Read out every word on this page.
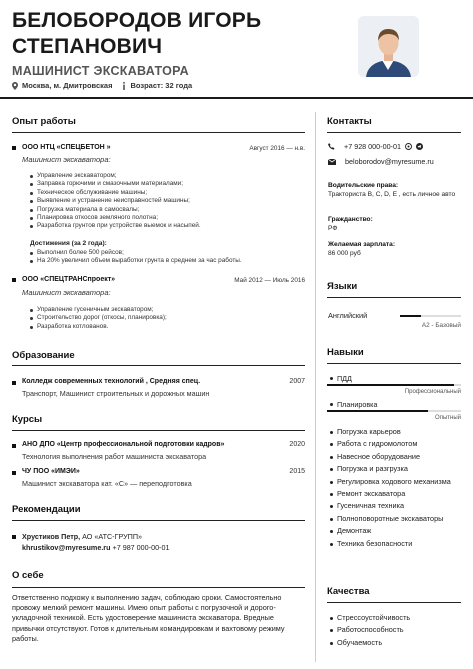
БЕЛОБОРОДОВ ИГОРЬ СТЕПАНОВИЧ
МАШИНИСТ ЭКСКАВАТОРА
Москва, м. Дмитровская Возраст: 32 года
Опыт работы
ООО НТЦ «СПЕЦБЕТОН »	Август 2016 — н.в.
Машинист экскаватора:
Управление экскаватором;
Заправка горючими и смазочными материалами;
Техническое обслуживание машины;
Выявление и устранение неисправностей машины;
Погрузка материала в самосвалы;
Планировка откосов земляного полотна;
Разработка грунтов при устройстве выемок и насыпей.
Достижения (за 2 года):
Выполнил более 500 рейсов;
На 20% увеличил объем выработки грунта в среднем за час работы.
ООО «СПЕЦТРАНСпроект»	Май 2012 — Июль 2016
Машинист экскаватора:
Управление гусеничным экскаватором;
Строительство дорог (откосы, планировка);
Разработка котлованов.
Образование
Колледж современных технологий , Средняя спец.	2007
Транспорт, Машинист строительных и дорожных машин
Курсы
АНО ДПО «Центр профессиональной подготовки кадров»	2020
Технология выполнения работ машиниста экскаватора
ЧУ ПОО «ИМЭИ»	2015
Машинист экскаватора кат. «С» — переподготовка
Рекомендации
Хрустиков Петр, АО «АТС-ГРУПП»
khrustikov@myresume.ru +7 987 000-00-01
О себе
Ответственно подхожу к выполнению задач, соблюдаю сроки. Самостоятельно провожу мелкий ремонт машины. Имею опыт работы с погрузочной и дорого-укладочной техникой. Есть удостоверение машиниста экскаватора. Вредные привычки отсутствуют. Готов к длительным командировкам и вахтовому режиму работы.
Контакты
+7 928 000-00-01
beloborodov@myresume.ru
Водительские права:
Тракториста B, C, D, E , есть личное авто
Гражданство:
РФ
Желаемая зарплата:
86 000 руб
Языки
Английский
A2 - Базовый
Навыки
ПДД
Профессиональный
Планировка
Опытный
Погрузка карьеров
Работа с гидромолотом
Навесное оборудование
Погрузка и разгрузка
Регулировка ходового механизма
Ремонт экскаватора
Гусеничная техника
Полноповоротные экскаваторы
Демонтаж
Техника безопасности
Качества
Стрессоустойчивость
Работоспособность
Обучаемость
